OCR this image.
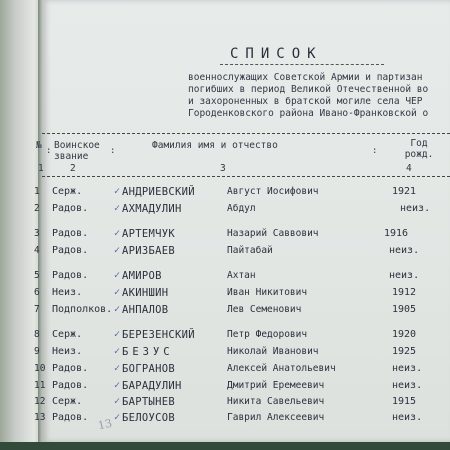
СПИСОК
военнослужащих Советской Армии и партизан
погибших в период Великой Отечественной во
и захороненных в братской могиле села ЧЕР
Городенковского района Ивано-Франковской о
№ Воинское звание
Фамилия имя и отчество	Год рожд.
:	:	:
1	2	3	4
1 Серж.	✓ АНДРИЕВСКИЙ	Август Иосифович	1921
2 Радов.	✓ АХМАДУЛИН	Абдул	неиз.
3 Радов.	✓ АРТЕМЧУК	Назарий Саввович	1916
4 Радов.	✓ АРИЗБАЕВ	Пайтабай	неиз.
5 Радов.	✓ АМИРОВ	Ахтан	неиз.
6 Неиз.	✓ АКИНШИН	Иван Никитович	1912
7 Подполков. ✓ АНПАЛОВ	Лев Семенович	1905
8 Серж.	✓ БЕРЕЗЕНСКИЙ	Петр Федорович	1920
9 Неиз.	✓ БЕЗУС	Николай Иванович	1925
10 Радов.	✓ БОГРАНОВ	Алексей Анатольевич	неиз.
11 Радов.	✓ БАРАДУЛИН	Дмитрий Еремеевич	неиз.
12 Серж.	✓ БАРТЫНЕВ	Никита Савельевич	1915
13 Радов.	✓ БЕЛОУСОВ	Гаврил Алексеевич	неиз.
13
